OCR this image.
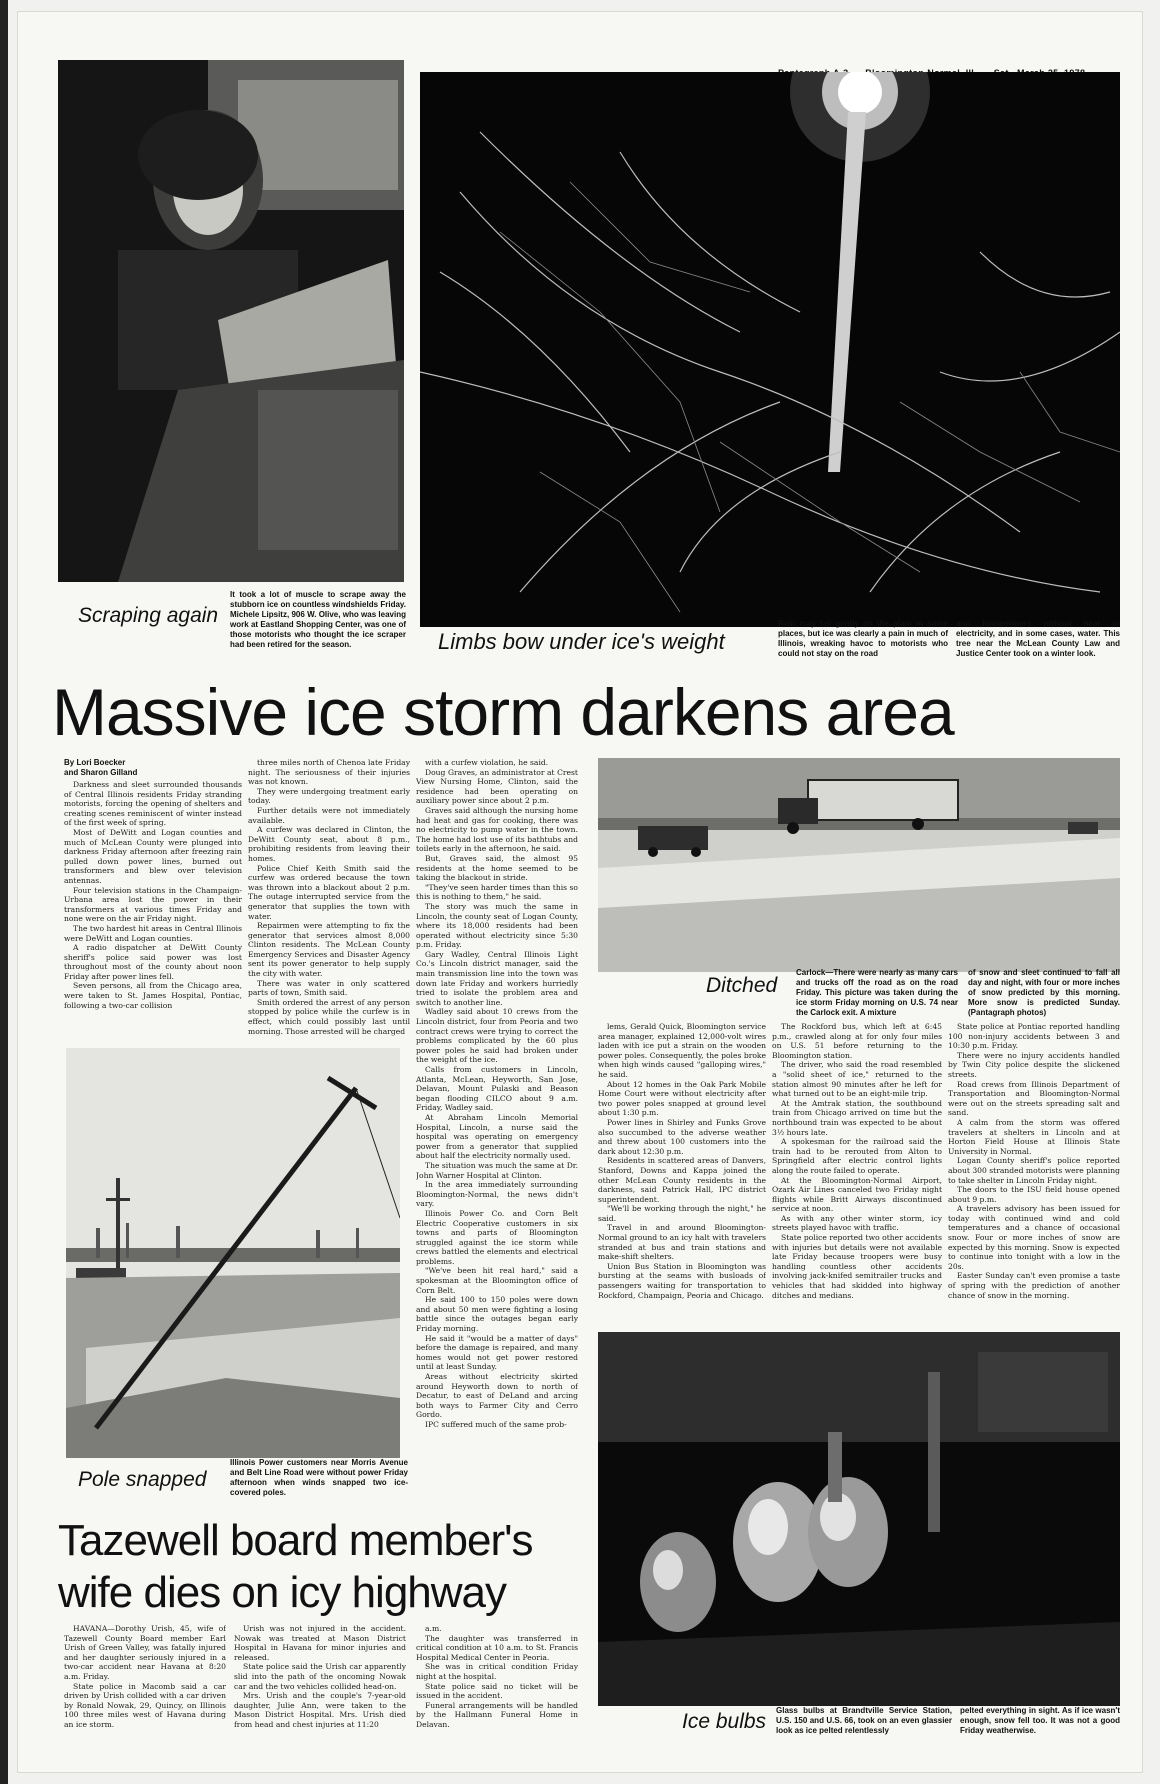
Scraping again
It took a lot of muscle to scrape away the stubborn ice on countless windshields Friday. Michele Lipsitz, 906 W. Olive, who was leaving work at Eastland Shopping Center, was one of those motorists who thought the ice scraper had been retired for the season.	Limbs bow under ice's weight
Rain may fall gently on the plain in some places, but ice was clearly a pain in much of Illinois, wreaking havoc to motorists who could not stay on the road
and homeowners without heat or electricity, and in some cases, water. This tree near the McLean County Law and Justice Center took on a winter look.
Massive ice storm darkens area
By Lori Boecker
and Sharon Gilland

Darkness and sleet surrounded thousands of Central Illinois residents Friday stranding motorists, forcing the opening of shelters and creating scenes reminiscent of winter instead of the first week of spring.

Most of DeWitt and Logan counties and much of McLean County were plunged into darkness Friday afternoon after freezing rain pulled down power lines, burned out transformers and blew over television antennas.

Four television stations in the Champaign-Urbana area lost the power in their transformers at various times Friday and none were on the air Friday night.

The two hardest hit areas in Central Illinois were DeWitt and Logan counties.

A radio dispatcher at DeWitt County sheriff's police said power was lost throughout most of the county about noon Friday after power lines fell.

Seven persons, all from the Chicago area, were taken to St. James Hospital, Pontiac, following a two-car collision

three miles north of Chenoa late Friday night. The seriousness of their injuries was not known.

They were undergoing treatment early today.

Further details were not immediately available.

A curfew was declared in Clinton, the DeWitt County seat, about 8 p.m., prohibiting residents from leaving their homes.

Police Chief Keith Smith said the curfew was ordered because the town was thrown into a blackout about 2 p.m. The outage interrupted service from the generator that supplies the town with water.

Repairmen were attempting to fix the generator that services almost 8,000 Clinton residents. The McLean County Emergency Services and Disaster Agency sent its power generator to help supply the city with water.

There was water in only scattered parts of town, Smith said.

Smith ordered the arrest of any person stopped by police while the curfew is in effect, which could possibly last until morning. Those arrested will be charged

with a curfew violation, he said.

Doug Graves, an administrator at Crest View Nursing Home, Clinton, said the residence had been operating on auxiliary power since about 2 p.m.

Graves said although the nursing home had heat and gas for cooking, there was no electricity to pump water in the town. The home had lost use of its bathtubs and toilets early in the afternoon, he said.

But, Graves said, the almost 95 residents at the home seemed to be taking the blackout in stride.

"They've seen harder times than this so this is nothing to them," he said.

The story was much the same in Lincoln, the county seat of Logan County, where its 18,000 residents had been operated without electricity since 5:30 p.m. Friday.

Gary Wadley, Central Illinois Light Co.'s Lincoln district manager, said the main transmission line into the town was down late Friday and workers hurriedly tried to isolate the problem area and switch to another line.

Wadley said about 10 crews from the Lincoln district, four from Peoria and two contract crews were trying to correct the problems complicated by the 60 plus power poles he said had broken under the weight of the ice.

Calls from customers in Lincoln, Atlanta, McLean, Heyworth, San Jose, Delavan, Mount Pulaski and Beason began flooding CILCO about 9 a.m. Friday, Wadley said.

At Abraham Lincoln Memorial Hospital, Lincoln, a nurse said the hospital was operating on emergency power from a generator that supplied about half the electricity normally used.

The situation was much the same at Dr. John Warner Hospital at Clinton.

In the area immediately surrounding Bloomington-Normal, the news didn't vary.

Illinois Power Co. and Corn Belt Electric Cooperative customers in six towns and parts of Bloomington struggled against the ice storm while crews battled the elements and electrical problems.

"We've been hit real hard," said a spokesman at the Bloomington office of Corn Belt.

He said 100 to 150 poles were down and about 50 men were fighting a losing battle since the outages began early Friday morning.

He said it "would be a matter of days" before the damage is repaired, and many homes would not get power restored until at least Sunday.

Areas without electricity skirted around Heyworth down to north of Decatur, to east of DeLand and arcing both ways to Farmer City and Cerro Gordo.

IPC suffered much of the same prob-

Ditched
Carlock—There were nearly as many cars and trucks off the road as on the road Friday. This picture was taken during the ice storm Friday morning on U.S. 74 near the Carlock exit. A mixture
of snow and sleet continued to fall all day and night, with four or more inches of snow predicted by this morning. More snow is predicted Sunday. (Pantagraph photos)

lems, Gerald Quick, Bloomington service area manager, explained 12,000-volt wires laden with ice put a strain on the wooden power poles. Consequently, the poles broke when high winds caused "galloping wires," he said.

About 12 homes in the Oak Park Mobile Home Court were without electricity after two power poles snapped at ground level about 1:30 p.m.

Power lines in Shirley and Funks Grove also succumbed to the adverse weather and threw about 100 customers into the dark about 12:30 p.m.

Residents in scattered areas of Danvers, Stanford, Downs and Kappa joined the other McLean County residents in the darkness, said Patrick Hall, IPC district superintendent.

"We'll be working through the night," he said.

Travel in and around Bloomington-Normal ground to an icy halt with travelers stranded at bus and train stations and make-shift shelters.

Union Bus Station in Bloomington was bursting at the seams with busloads of passengers waiting for transportation to Rockford, Champaign, Peoria and Chicago.

The Rockford bus, which left at 6:45 p.m., crawled along at for only four miles on U.S. 51 before returning to the Bloomington station.

The driver, who said the road resembled a "solid sheet of ice," returned to the station almost 90 minutes after he left for what turned out to be an eight-mile trip.

At the Amtrak station, the southbound train from Chicago arrived on time but the northbound train was expected to be about 3½ hours late.

A spokesman for the railroad said the train had to be rerouted from Alton to Springfield after electric control lights along the route failed to operate.

At the Bloomington-Normal Airport, Ozark Air Lines canceled two Friday night flights while Britt Airways discontinued service at noon.

As with any other winter storm, icy streets played havoc with traffic.

State police reported two other accidents with injuries but details were not available late Friday because troopers were busy handling countless other accidents involving jack-knifed semitrailer trucks and vehicles that had skidded into highway ditches and medians.

State police at Pontiac reported handling 100 non-injury accidents between 3 and 10:30 p.m. Friday.

There were no injury accidents handled by Twin City police despite the slickened streets.

Road crews from Illinois Department of Transportation and Bloomington-Normal were out on the streets spreading salt and sand.

A calm from the storm was offered travelers at shelters in Lincoln and at Horton Field House at Illinois State University in Normal.

Logan County sheriff's police reported about 300 stranded motorists were planning to take shelter in Lincoln Friday night.

The doors to the ISU field house opened about 9 p.m.

A travelers advisory has been issued for today with continued wind and cold temperatures and a chance of occasional snow. Four or more inches of snow are expected by this morning. Snow is expected to continue into tonight with a low in the 20s.

Easter Sunday can't even promise a taste of spring with the prediction of another chance of snow in the morning.

Pole snapped
Illinois Power customers near Morris Avenue and Belt Line Road were without power Friday afternoon when winds snapped two ice-covered poles.
Ice bulbs Glass bulbs at Brandtville Service Station, U.S. 150 and U.S. 66, took on an even glassier look as ice pelted relentlessly
pelted everything in sight. As if ice wasn't enough, snow fell too. It was not a good Friday weatherwise.
Tazewell board member's
wife dies on icy highway

HAVANA—Dorothy Urish, 45, wife of Tazewell County Board member Earl Urish of Green Valley, was fatally injured and her daughter seriously injured in a two-car accident near Havana at 8:20 a.m. Friday.

State police in Macomb said a car driven by Urish collided with a car driven by Ronald Nowak, 29, Quincy, on Illinois 100 three miles west of Havana during an ice storm.

Urish was not injured in the accident. Nowak was treated at Mason District Hospital in Havana for minor injuries and released.

State police said the Urish car apparently slid into the path of the oncoming Nowak car and the two vehicles collided head-on.

Mrs. Urish and the couple's 7-year-old daughter, Julie Ann, were taken to the Mason District Hospital. Mrs. Urish died from head and chest injuries at 11:20

a.m.

The daughter was transferred in critical condition at 10 a.m. to St. Francis Hospital Medical Center in Peoria.

She was in critical condition Friday night at the hospital.

State police said no ticket will be issued in the accident.

Funeral arrangements will be handled by the Hallmann Funeral Home in Delavan.
